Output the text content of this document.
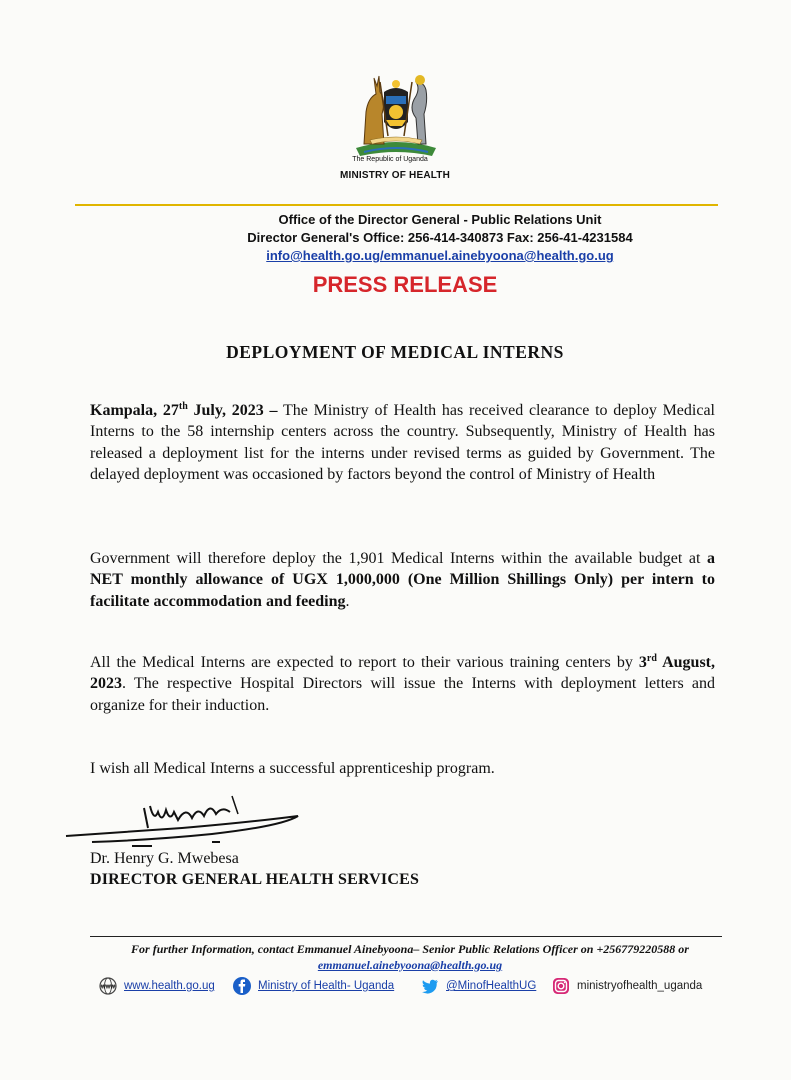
The Republic of Uganda
MINISTRY OF HEALTH
Office of the Director General - Public Relations Unit
Director General's Office: 256-414-340873 Fax: 256-41-4231584
info@health.go.ug/emmanuel.ainebyoona@health.go.ug
PRESS RELEASE
DEPLOYMENT OF MEDICAL INTERNS
Kampala, 27th July, 2023 – The Ministry of Health has received clearance to deploy Medical Interns to the 58 internship centers across the country. Subsequently, Ministry of Health has released a deployment list for the interns under revised terms as guided by Government. The delayed deployment was occasioned by factors beyond the control of Ministry of Health
Government will therefore deploy the 1,901 Medical Interns within the available budget at a NET monthly allowance of UGX 1,000,000 (One Million Shillings Only) per intern to facilitate accommodation and feeding.
All the Medical Interns are expected to report to their various training centers by 3rd August, 2023. The respective Hospital Directors will issue the Interns with deployment letters and organize for their induction.
I wish all Medical Interns a successful apprenticeship program.
Dr. Henry G. Mwebesa
DIRECTOR GENERAL HEALTH SERVICES
For further Information, contact Emmanuel Ainebyoona– Senior Public Relations Officer on +256779220588 or
emmanuel.ainebyoona@health.go.ug
WWW www.health.go.ug	Ministry of Health- Uganda	@MinofHealthUG	ministryofhealth_uganda
